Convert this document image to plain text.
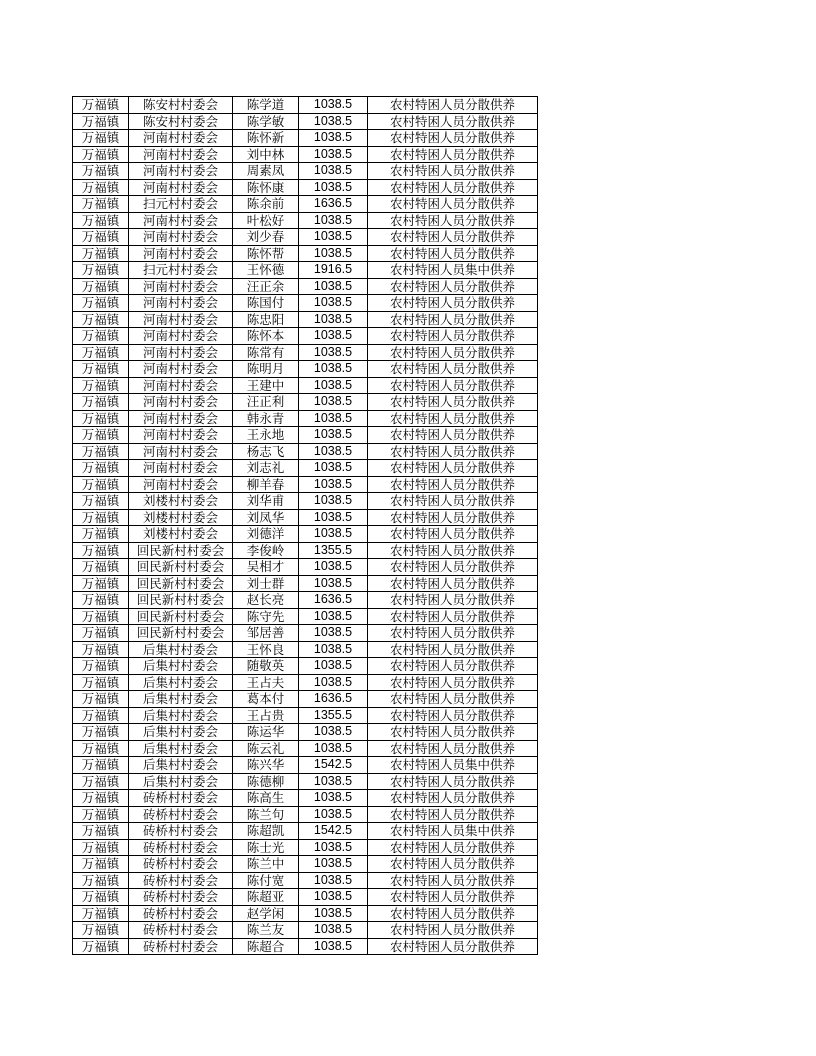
万福镇	陈安村村委会	陈学道	1038.5	农村特困人员分散供养
万福镇	陈安村村委会	陈学敏	1038.5	农村特困人员分散供养
万福镇	河南村村委会	陈怀新	1038.5	农村特困人员分散供养
万福镇	河南村村委会	刘中林	1038.5	农村特困人员分散供养
万福镇	河南村村委会	周素凤	1038.5	农村特困人员分散供养
万福镇	河南村村委会	陈怀康	1038.5	农村特困人员分散供养
万福镇	扫元村村委会	陈余前	1636.5	农村特困人员分散供养
万福镇	河南村村委会	叶松好	1038.5	农村特困人员分散供养
万福镇	河南村村委会	刘少春	1038.5	农村特困人员分散供养
万福镇	河南村村委会	陈怀帮	1038.5	农村特困人员分散供养
万福镇	扫元村村委会	王怀德	1916.5	农村特困人员集中供养
万福镇	河南村村委会	汪正余	1038.5	农村特困人员分散供养
万福镇	河南村村委会	陈国付	1038.5	农村特困人员分散供养
万福镇	河南村村委会	陈忠阳	1038.5	农村特困人员分散供养
万福镇	河南村村委会	陈怀本	1038.5	农村特困人员分散供养
万福镇	河南村村委会	陈常有	1038.5	农村特困人员分散供养
万福镇	河南村村委会	陈明月	1038.5	农村特困人员分散供养
万福镇	河南村村委会	王建中	1038.5	农村特困人员分散供养
万福镇	河南村村委会	汪正利	1038.5	农村特困人员分散供养
万福镇	河南村村委会	韩永青	1038.5	农村特困人员分散供养
万福镇	河南村村委会	王永地	1038.5	农村特困人员分散供养
万福镇	河南村村委会	杨志飞	1038.5	农村特困人员分散供养
万福镇	河南村村委会	刘志礼	1038.5	农村特困人员分散供养
万福镇	河南村村委会	柳羊春	1038.5	农村特困人员分散供养
万福镇	刘楼村村委会	刘华甫	1038.5	农村特困人员分散供养
万福镇	刘楼村村委会	刘凤华	1038.5	农村特困人员分散供养
万福镇	刘楼村村委会	刘德洋	1038.5	农村特困人员分散供养
万福镇	回民新村村委会	李俊岭	1355.5	农村特困人员分散供养
万福镇	回民新村村委会	吴相才	1038.5	农村特困人员分散供养
万福镇	回民新村村委会	刘士群	1038.5	农村特困人员分散供养
万福镇	回民新村村委会	赵长亮	1636.5	农村特困人员分散供养
万福镇	回民新村村委会	陈守先	1038.5	农村特困人员分散供养
万福镇	回民新村村委会	邹居善	1038.5	农村特困人员分散供养
万福镇	后集村村委会	王怀良	1038.5	农村特困人员分散供养
万福镇	后集村村委会	随敬英	1038.5	农村特困人员分散供养
万福镇	后集村村委会	王占夫	1038.5	农村特困人员分散供养
万福镇	后集村村委会	葛本付	1636.5	农村特困人员分散供养
万福镇	后集村村委会	王占贵	1355.5	农村特困人员分散供养
万福镇	后集村村委会	陈运华	1038.5	农村特困人员分散供养
万福镇	后集村村委会	陈云礼	1038.5	农村特困人员分散供养
万福镇	后集村村委会	陈兴华	1542.5	农村特困人员集中供养
万福镇	后集村村委会	陈德柳	1038.5	农村特困人员分散供养
万福镇	砖桥村村委会	陈高生	1038.5	农村特困人员分散供养
万福镇	砖桥村村委会	陈兰句	1038.5	农村特困人员分散供养
万福镇	砖桥村村委会	陈超凯	1542.5	农村特困人员集中供养
万福镇	砖桥村村委会	陈士光	1038.5	农村特困人员分散供养
万福镇	砖桥村村委会	陈兰中	1038.5	农村特困人员分散供养
万福镇	砖桥村村委会	陈付宽	1038.5	农村特困人员分散供养
万福镇	砖桥村村委会	陈超亚	1038.5	农村特困人员分散供养
万福镇	砖桥村村委会	赵学闲	1038.5	农村特困人员分散供养
万福镇	砖桥村村委会	陈兰友	1038.5	农村特困人员分散供养
万福镇	砖桥村村委会	陈超合	1038.5	农村特困人员分散供养
